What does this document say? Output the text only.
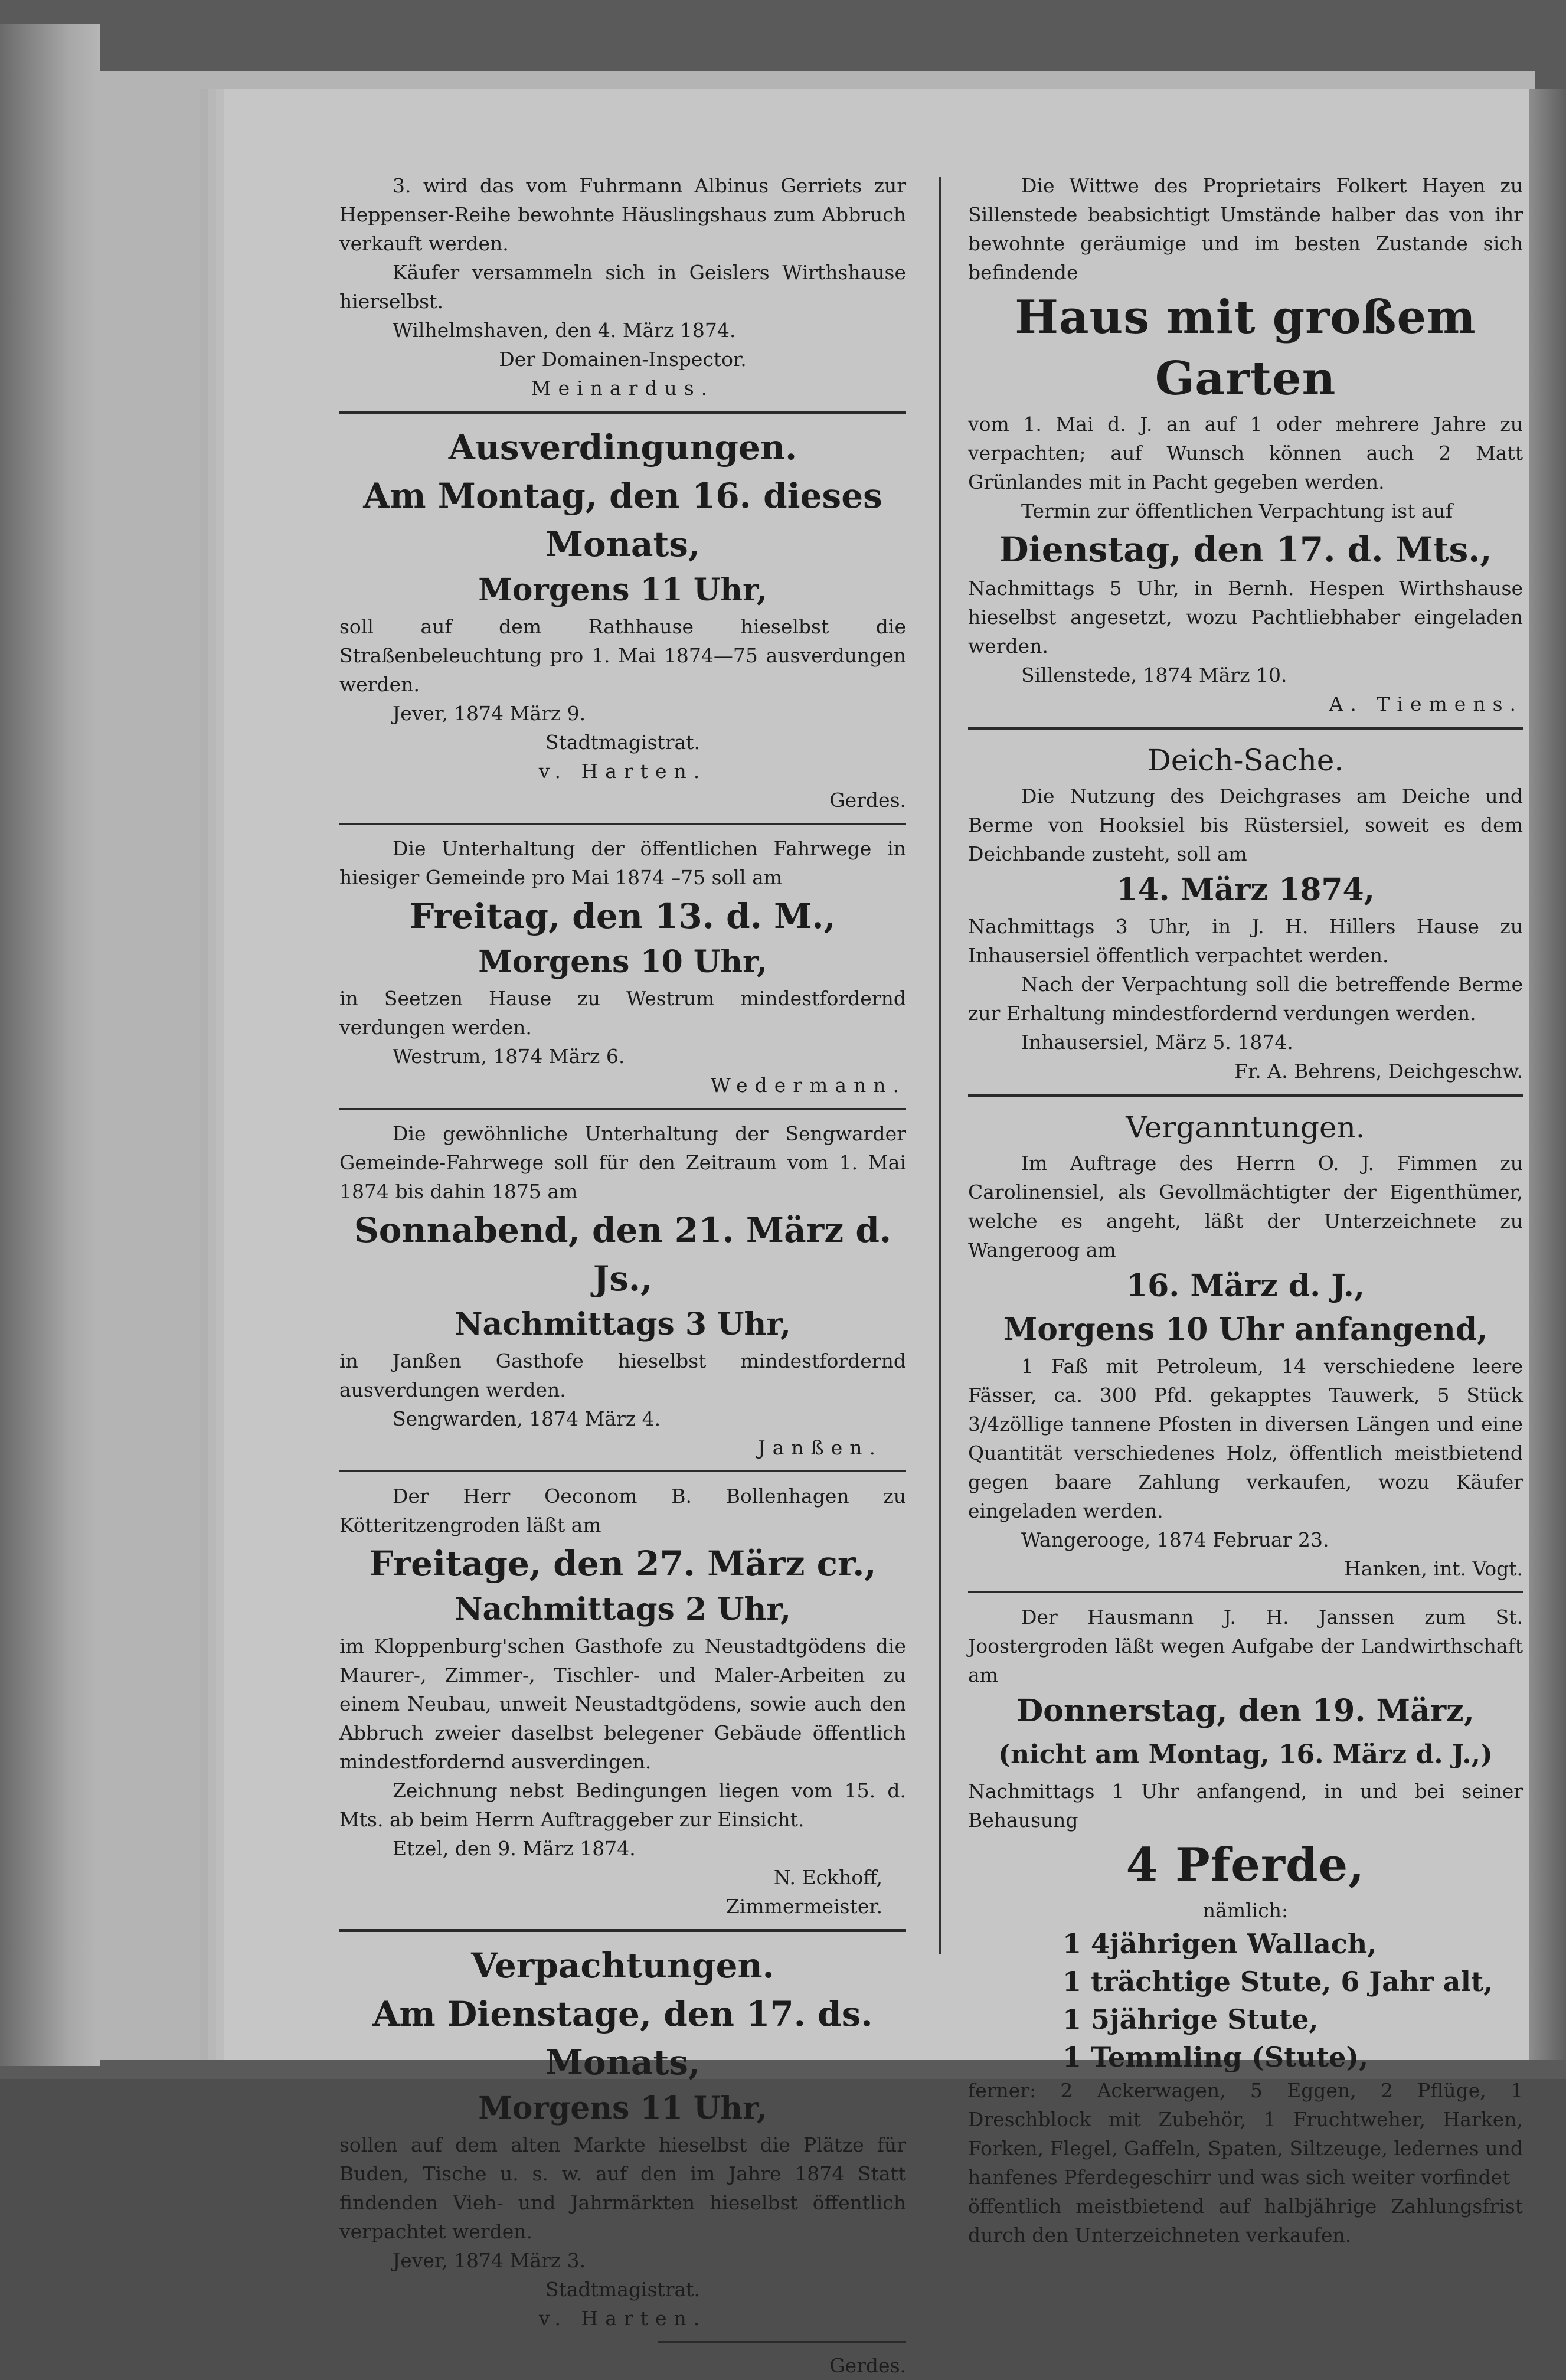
3. wird das vom Fuhrmann Albinus Gerriets zur Heppenser-Reihe bewohnte Häuslingshaus zum Abbruch verkauft werden.

Käufer versammeln sich in Geislers Wirthshause hierselbst.

Wilhelmshaven, den 4. März 1874.

Der Domainen-Inspector.

Meinardus.

Ausverdingungen.

Am Montag, den 16. dieses Monats,

Morgens 11 Uhr,

soll auf dem Rathhause hieselbst die Straßenbeleuchtung pro 1. Mai 1874—75 ausverdungen werden.

Jever, 1874 März 9.

Stadtmagistrat.

v. Harten.

Gerdes.

Die Unterhaltung der öffentlichen Fahrwege in hiesiger Gemeinde pro Mai 1874 –75 soll am

Freitag, den 13. d. M.,

Morgens 10 Uhr,

in Seetzen Hause zu Westrum mindestfordernd verdungen werden.

Westrum, 1874 März 6.

Wedermann.

Die gewöhnliche Unterhaltung der Sengwarder Gemeinde-Fahrwege soll für den Zeitraum vom 1. Mai 1874 bis dahin 1875 am

Sonnabend, den 21. März d. Js.,

Nachmittags 3 Uhr,

in Janßen Gasthofe hieselbst mindestfordernd ausverdungen werden.

Sengwarden, 1874 März 4.

Janßen.

Der Herr Oeconom B. Bollenhagen zu Kötteritzengroden läßt am

Freitage, den 27. März cr.,

Nachmittags 2 Uhr,

im Kloppenburg'schen Gasthofe zu Neustadtgödens die Maurer-, Zimmer-, Tischler- und Maler-Arbeiten zu einem Neubau, unweit Neustadtgödens, sowie auch den Abbruch zweier daselbst belegener Gebäude öffentlich mindestfordernd ausverdingen.

Zeichnung nebst Bedingungen liegen vom 15. d. Mts. ab beim Herrn Auftraggeber zur Einsicht.

Etzel, den 9. März 1874.

N. Eckhoff,

Zimmermeister.

Verpachtungen.

Am Dienstage, den 17. ds. Monats,

Morgens 11 Uhr,

sollen auf dem alten Markte hieselbst die Plätze für Buden, Tische u. s. w. auf den im Jahre 1874 Statt findenden Vieh- und Jahrmärkten hieselbst öffentlich verpachtet werden.

Jever, 1874 März 3.

Stadtmagistrat.

v. Harten.

Gerdes.

Die Wittwe des Proprietairs Folkert Hayen zu Sillenstede beabsichtigt Umstände halber das von ihr bewohnte geräumige und im besten Zustande sich befindende

Haus mit großem Garten

vom 1. Mai d. J. an auf 1 oder mehrere Jahre zu verpachten; auf Wunsch können auch 2 Matt Grünlandes mit in Pacht gegeben werden.

Termin zur öffentlichen Verpachtung ist auf

Dienstag, den 17. d. Mts.,

Nachmittags 5 Uhr, in Bernh. Hespen Wirthshause hieselbst angesetzt, wozu Pachtliebhaber eingeladen werden.

Sillenstede, 1874 März 10.

A. Tiemens.

Deich-Sache.

Die Nutzung des Deichgrases am Deiche und Berme von Hooksiel bis Rüstersiel, soweit es dem Deichbande zusteht, soll am

14. März 1874,

Nachmittags 3 Uhr, in J. H. Hillers Hause zu Inhausersiel öffentlich verpachtet werden.

Nach der Verpachtung soll die betreffende Berme zur Erhaltung mindestfordernd verdungen werden.

Inhausersiel, März 5. 1874.

Fr. A. Behrens, Deichgeschw.

Verganntungen.

Im Auftrage des Herrn O. J. Fimmen zu Carolinensiel, als Gevollmächtigter der Eigenthümer, welche es angeht, läßt der Unterzeichnete zu Wangeroog am

16. März d. J.,

Morgens 10 Uhr anfangend,

1 Faß mit Petroleum, 14 verschiedene leere Fässer, ca. 300 Pfd. gekapptes Tauwerk, 5 Stück 3/4zöllige tannene Pfosten in diversen Längen und eine Quantität verschiedenes Holz, öffentlich meistbietend gegen baare Zahlung verkaufen, wozu Käufer eingeladen werden.

Wangerooge, 1874 Februar 23.

Hanken, int. Vogt.

Der Hausmann J. H. Janssen zum St. Joostergroden läßt wegen Aufgabe der Landwirthschaft am

Donnerstag, den 19. März,

(nicht am Montag, 16. März d. J.,)

Nachmittags 1 Uhr anfangend, in und bei seiner Behausung

4 Pferde,

nämlich:

1 4jährigen Wallach,

1 trächtige Stute, 6 Jahr alt,

1 5jährige Stute,

1 Temmling (Stute),

ferner: 2 Ackerwagen, 5 Eggen, 2 Pflüge, 1 Dreschblock mit Zubehör, 1 Fruchtweher, Harken, Forken, Flegel, Gaffeln, Spaten, Siltzeuge, ledernes und hanfenes Pferdegeschirr und was sich weiter vorfindet

öffentlich meistbietend auf halbjährige Zahlungsfrist durch den Unterzeichneten verkaufen.
